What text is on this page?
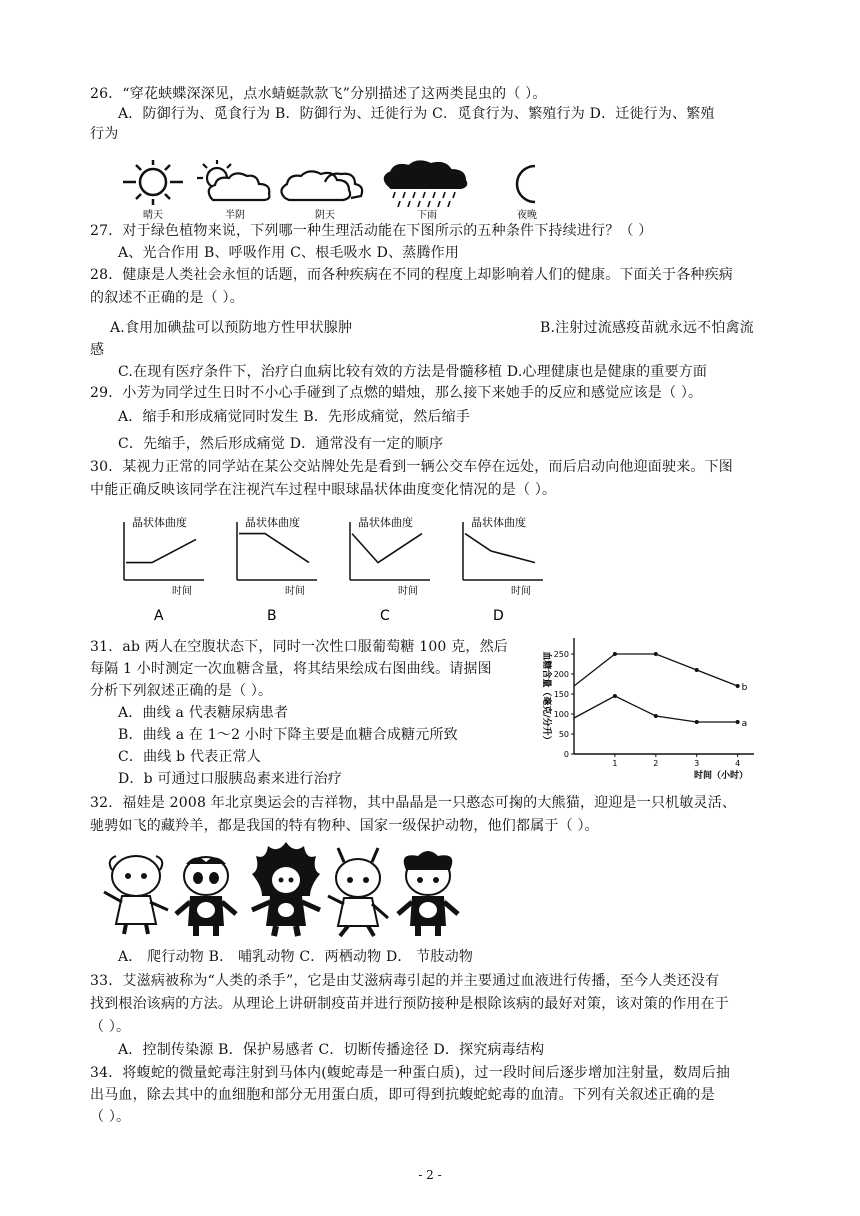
26．“穿花蛱蝶深深见，点水蜻蜓款款飞”分别描述了这两类昆虫的（ ）。
A．防御行为、觅食行为 B．防御行为、迁徙行为 C．觅食行为、繁殖行为 D．迁徙行为、繁殖
行为
晴天	半阴	阴天	下雨	夜晚
27．对于绿色植物来说，下列哪一种生理活动能在下图所示的五种条件下持续进行？（ ）
A、光合作用 B、呼吸作用 C、根毛吸水 D、蒸腾作用
28．健康是人类社会永恒的话题，而各种疾病在不同的程度上却影响着人们的健康。下面关于各种疾病
的叙述不正确的是（ ）。
A.食用加碘盐可以预防地方性甲状腺肿	B.注射过流感疫苗就永远不怕禽流
感
C.在现有医疗条件下，治疗白血病比较有效的方法是骨髓移植 D.心理健康也是健康的重要方面
29．小芳为同学过生日时不小心手碰到了点燃的蜡烛，那么接下来她手的反应和感觉应该是（ ）。
A．缩手和形成痛觉同时发生 B．先形成痛觉，然后缩手
C．先缩手，然后形成痛觉 D．通常没有一定的顺序
30．某视力正常的同学站在某公交站牌处先是看到一辆公交车停在远处，而后启动向他迎面驶来。下图
中能正确反映该同学在注视汽车过程中眼球晶状体曲度变化情况的是（ ）。
晶状体曲度
时间
A
晶状体曲度
时间
B
晶状体曲度
时间
C
晶状体曲度
时间
D
31．ab 两人在空腹状态下，同时一次性口服葡萄糖 100 克，然后
每隔 1 小时测定一次血糖含量，将其结果绘成右图曲线。请据图
分析下列叙述正确的是（ ）。
A．曲线 a 代表糖尿病患者
B．曲线 a 在 1～2 小时下降主要是血糖合成糖元所致
C．曲线 b 代表正常人
D．b 可通过口服胰岛素来进行治疗
0
50
100
150
200
250
1	2	3	4
时间（小时）
血糖含量（毫克/分升）	b
a
32．福娃是 2008 年北京奥运会的吉祥物，其中晶晶是一只憨态可掬的大熊猫，迎迎是一只机敏灵活、
驰骋如飞的藏羚羊，都是我国的特有物种、国家一级保护动物，他们都属于（ ）。
A． 爬行动物 B． 哺乳动物 C．两栖动物 D． 节肢动物
33．艾滋病被称为“人类的杀手”，它是由艾滋病毒引起的并主要通过血液进行传播，至今人类还没有
找到根治该病的方法。从理论上讲研制疫苗并进行预防接种是根除该病的最好对策，该对策的作用在于
（ ）。
A．控制传染源 B．保护易感者 C．切断传播途径 D．探究病毒结构
34．将蝮蛇的微量蛇毒注射到马体内(蝮蛇毒是一种蛋白质)，过一段时间后逐步增加注射量，数周后抽
出马血，除去其中的血细胞和部分无用蛋白质，即可得到抗蝮蛇蛇毒的血清。下列有关叙述正确的是
（ ）。
- 2 -
